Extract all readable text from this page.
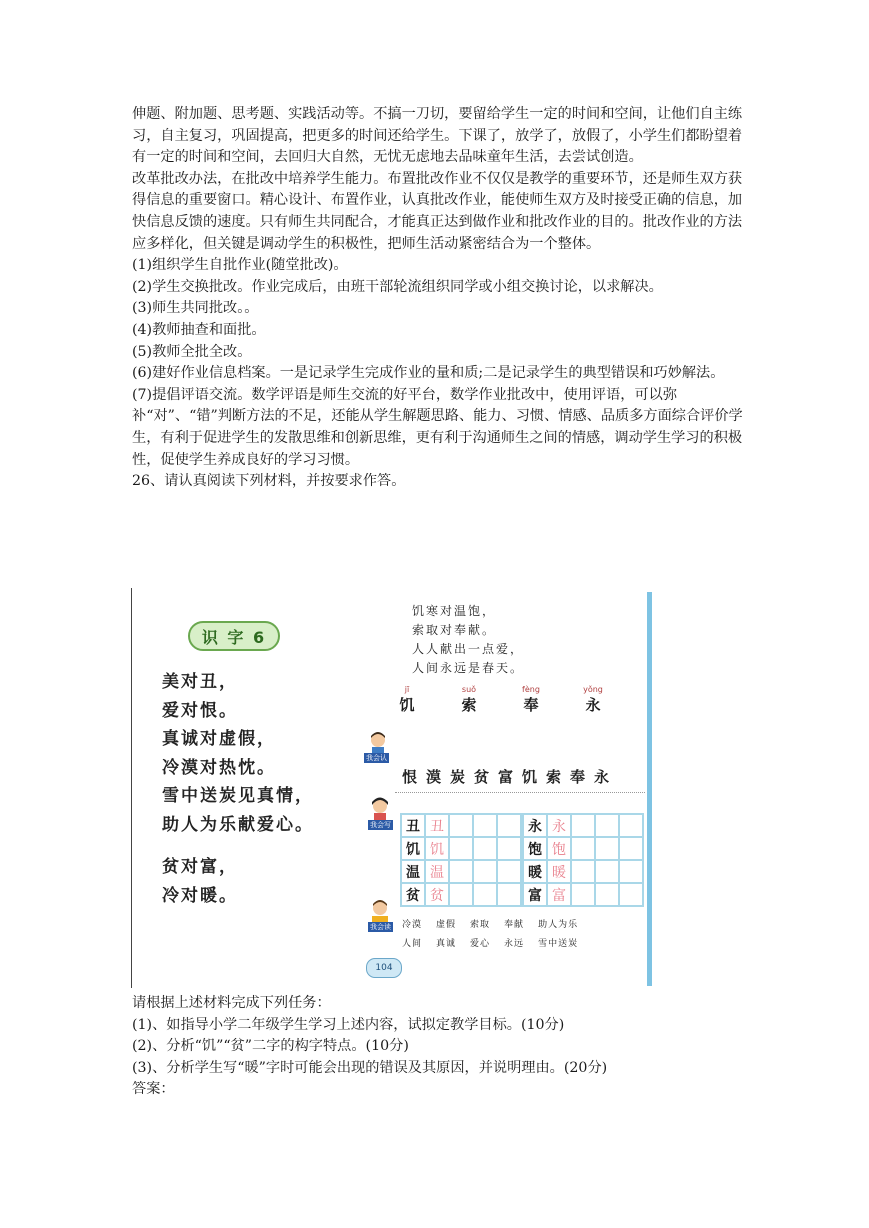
伸题、附加题、思考题、实践活动等。不搞一刀切，要留给学生一定的时间和空间，让他们自主练习，自主复习，巩固提高，把更多的时间还给学生。下课了，放学了，放假了，小学生们都盼望着有一定的时间和空间，去回归大自然，无忧无虑地去品味童年生活，去尝试创造。

改革批改办法，在批改中培养学生能力。布置批改作业不仅仅是教学的重要环节，还是师生双方获得信息的重要窗口。精心设计、布置作业，认真批改作业，能使师生双方及时接受正确的信息，加快信息反馈的速度。只有师生共同配合，才能真正达到做作业和批改作业的目的。批改作业的方法应多样化，但关键是调动学生的积极性，把师生活动紧密结合为一个整体。

(1)组织学生自批作业(随堂批改)。

(2)学生交换批改。作业完成后，由班干部轮流组织同学或小组交换讨论，以求解决。

(3)师生共同批改。。

(4)教师抽查和面批。

(5)教师全批全改。

(6)建好作业信息档案。一是记录学生完成作业的量和质;二是记录学生的典型错误和巧妙解法。

(7)提倡评语交流。数学评语是师生交流的好平台，数学作业批改中，使用评语，可以弥补“对”、“错”判断方法的不足，还能从学生解题思路、能力、习惯、情感、品质多方面综合评价学生，有利于促进学生的发散思维和创新思维，更有利于沟通师生之间的情感，调动学生学习的积极性，促使学生养成良好的学习习惯。

26、请认真阅读下列材料，并按要求作答。

识 字 6
美对丑，
爱对恨。
真诚对虚假，
冷漠对热忱。
雪中送炭见真情，
助人为乐献爱心。
贫对富，
冷对暖。
饥寒对温饱，
索取对奉献。
人人献出一点爱，
人间永远是春天。
jī
饥
suǒ
索
fèng
奉
yǒng
永
我会认
恨漠炭贫富饥索奉永
我会写	丑 丑
饥 饥
温 温
贫 贫
永 永
饱 饱
暖 暖
富 富
我会读 冷漠 虚假 索取 奉献 助人为乐
人间 真诚 爱心 永远 雪中送炭
104

请根据上述材料完成下列任务：

(1)、如指导小学二年级学生学习上述内容，试拟定教学目标。(10分)

(2)、分析“饥”“贫”二字的构字特点。(10分)

(3)、分析学生写“暖”字时可能会出现的错误及其原因，并说明理由。(20分)

答案：
